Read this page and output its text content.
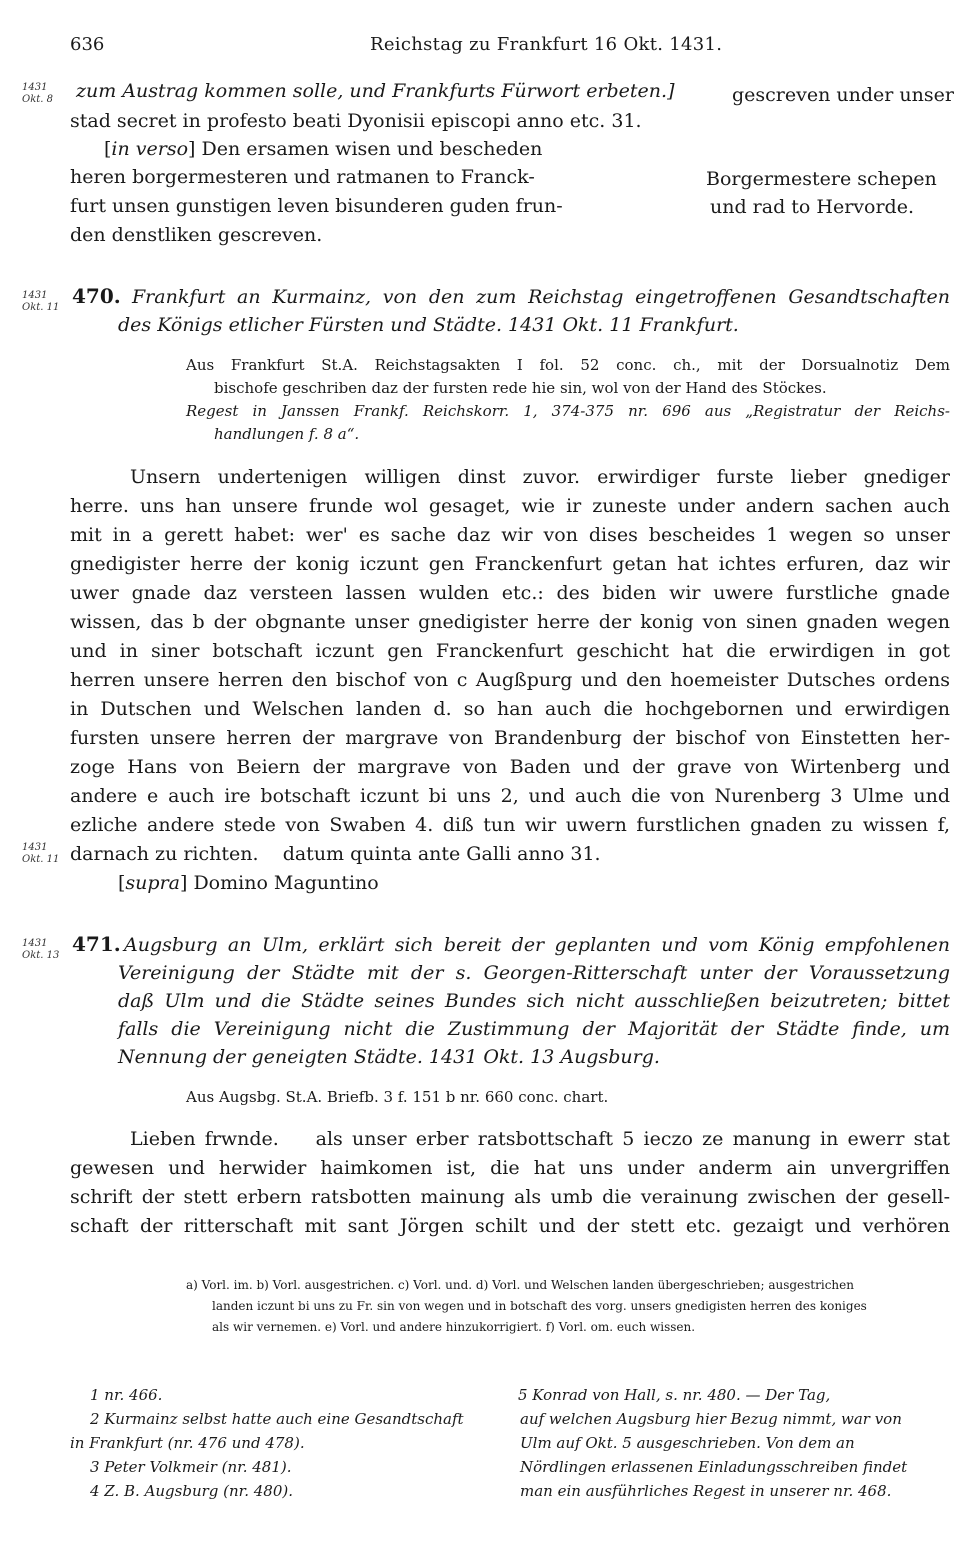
636	Reichstag zu Frankfurt 16 Okt. 1431.
1431
Okt. 8	zum Austrag kommen solle, und Frankfurts Fürwort erbeten.]	gescreven under unser
stad secret in profesto beati Dyonisii episcopi anno etc. 31.
[in verso] Den ersamen wisen und bescheden
heren borgermesteren und ratmanen to Franck-
furt unsen gunstigen leven bisunderen guden frun-
den denstliken gescreven.
Borgermestere schepen
und rad to Hervorde.
1431
Okt. 11 470. Frankfurt an Kurmainz, von den zum Reichstag eingetroffenen Gesandtschaften
des Königs etlicher Fürsten und Städte. 1431 Okt. 11 Frankfurt.
Aus Frankfurt St.A. Reichstagsakten I fol. 52 conc. ch., mit der Dorsualnotiz Dem
bischofe geschriben daz der fursten rede hie sin, wol von der Hand des Stöckes.
Regest in Janssen Frankf. Reichskorr. 1, 374-375 nr. 696 aus „Registratur der Reichs-
handlungen f. 8 a“.
Unsern undertenigen willigen dinst zuvor. erwirdiger furste lieber gnediger
herre. uns han unsere frunde wol gesaget, wie ir zuneste under andern sachen auch
mit in a gerett habet: wer' es sache daz wir von dises bescheides 1 wegen so unser
gnedigister herre der konig iczunt gen Franckenfurt getan hat ichtes erfuren, daz wir
uwer gnade daz versteen lassen wulden etc.: des biden wir uwere furstliche gnade
wissen, das b der obgnante unser gnedigister herre der konig von sinen gnaden wegen
und in siner botschaft iczunt gen Franckenfurt geschicht hat die erwirdigen in got
herren unsere herren den bischof von c Augßpurg und den hoemeister Dutsches ordens
in Dutschen und Welschen landen d. so han auch die hochgebornen und erwirdigen
fursten unsere herren der margrave von Brandenburg der bischof von Einstetten her-
zoge Hans von Beiern der margrave von Baden und der grave von Wirtenberg und
andere e auch ire botschaft iczunt bi uns 2, und auch die von Nurenberg 3 Ulme und
ezliche andere stede von Swaben 4. diß tun wir uwern furstlichen gnaden zu wissen f,
1431
Okt. 11 darnach zu richten.    datum quinta ante Galli anno 31.
[supra] Domino Maguntino
1431
Okt. 13 471. Augsburg an Ulm, erklärt sich bereit der geplanten und vom König empfohlenen
Vereinigung der Städte mit der s. Georgen-Ritterschaft unter der Voraussetzung
daß Ulm und die Städte seines Bundes sich nicht ausschließen beizutreten; bittet
falls die Vereinigung nicht die Zustimmung der Majorität der Städte finde, um
Nennung der geneigten Städte. 1431 Okt. 13 Augsburg.
Aus Augsbg. St.A. Briefb. 3 f. 151 b nr. 660 conc. chart.
Lieben frwnde.    als unser erber ratsbottschaft 5 ieczo ze manung in ewerr stat
gewesen und herwider haimkomen ist, die hat uns under anderm ain unvergriffen
schrift der stett erbern ratsbotten mainung als umb die verainung zwischen der gesell-
schaft der ritterschaft mit sant Jörgen schilt und der stett etc. gezaigt und verhören
a) Vorl. im. b) Vorl. ausgestrichen. c) Vorl. und. d) Vorl. und Welschen landen übergeschrieben; ausgestrichen
landen iczunt bi uns zu Fr. sin von wegen und in botschaft des vorg. unsers gnedigisten herren des koniges
als wir vernemen. e) Vorl. und andere hinzukorrigiert. f) Vorl. om. euch wissen.
1 nr. 466.
2 Kurmainz selbst hatte auch eine Gesandtschaft
in Frankfurt (nr. 476 und 478).
3 Peter Volkmeir (nr. 481).
4 Z. B. Augsburg (nr. 480).
5 Konrad von Hall, s. nr. 480. — Der Tag,
auf welchen Augsburg hier Bezug nimmt, war von
Ulm auf Okt. 5 ausgeschrieben. Von dem an
Nördlingen erlassenen Einladungsschreiben findet
man ein ausführliches Regest in unserer nr. 468.
